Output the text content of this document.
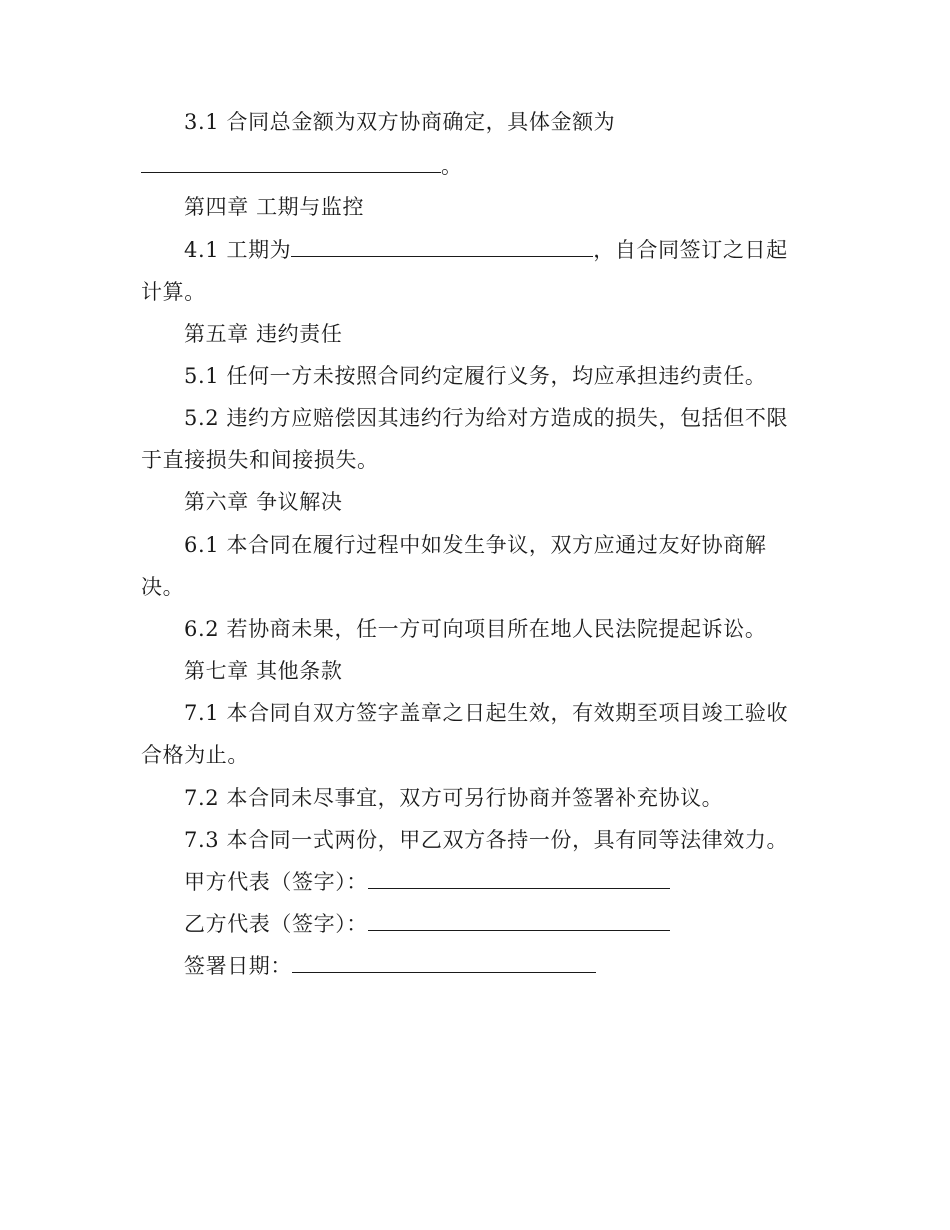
3.1 合同总金额为双方协商确定，具体金额为
。
第四章 工期与监控
4.1 工期为	，自合同签订之日起
计算。
第五章 违约责任
5.1 任何一方未按照合同约定履行义务，均应承担违约责任。
5.2 违约方应赔偿因其违约行为给对方造成的损失，包括但不限
于直接损失和间接损失。
第六章 争议解决
6.1 本合同在履行过程中如发生争议，双方应通过友好协商解
决。
6.2 若协商未果，任一方可向项目所在地人民法院提起诉讼。
第七章 其他条款
7.1 本合同自双方签字盖章之日起生效，有效期至项目竣工验收
合格为止。
7.2 本合同未尽事宜，双方可另行协商并签署补充协议。
7.3 本合同一式两份，甲乙双方各持一份，具有同等法律效力。
甲方代表（签字）：
乙方代表（签字）：
签署日期：
